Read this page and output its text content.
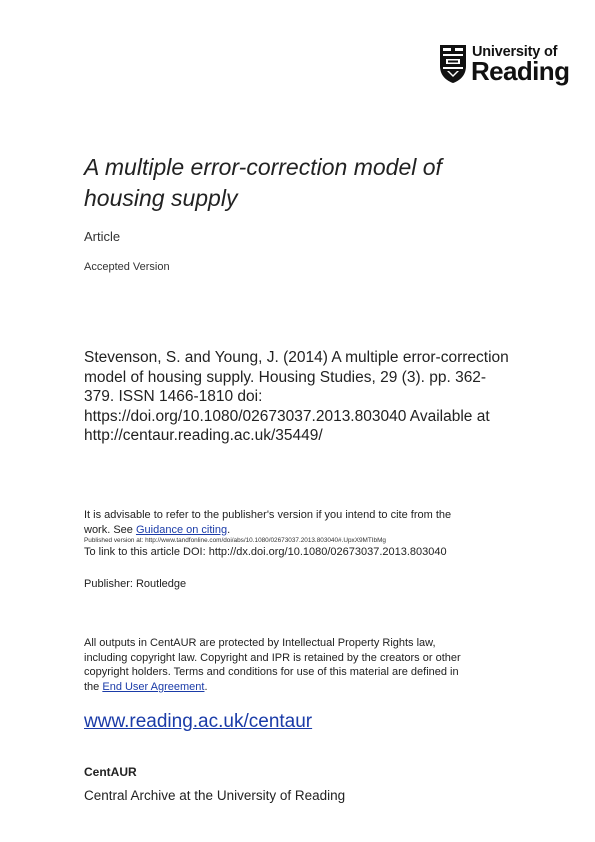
University of
Reading
A multiple error-correction model of
housing supply
Article
Accepted Version
Stevenson, S. and Young, J. (2014) A multiple error-correction
model of housing supply. Housing Studies, 29 (3). pp. 362-
379. ISSN 1466-1810 doi:
https://doi.org/10.1080/02673037.2013.803040 Available at
http://centaur.reading.ac.uk/35449/
It is advisable to refer to the publisher's version if you intend to cite from the
work. See Guidance on citing.
Published version at: http://www.tandfonline.com/doi/abs/10.1080/02673037.2013.803040#.UpxX9MTIbMg
To link to this article DOI: http://dx.doi.org/10.1080/02673037.2013.803040
Publisher: Routledge
All outputs in CentAUR are protected by Intellectual Property Rights law,
including copyright law. Copyright and IPR is retained by the creators or other
copyright holders. Terms and conditions for use of this material are defined in
the End User Agreement.
www.reading.ac.uk/centaur
CentAUR
Central Archive at the University of Reading
